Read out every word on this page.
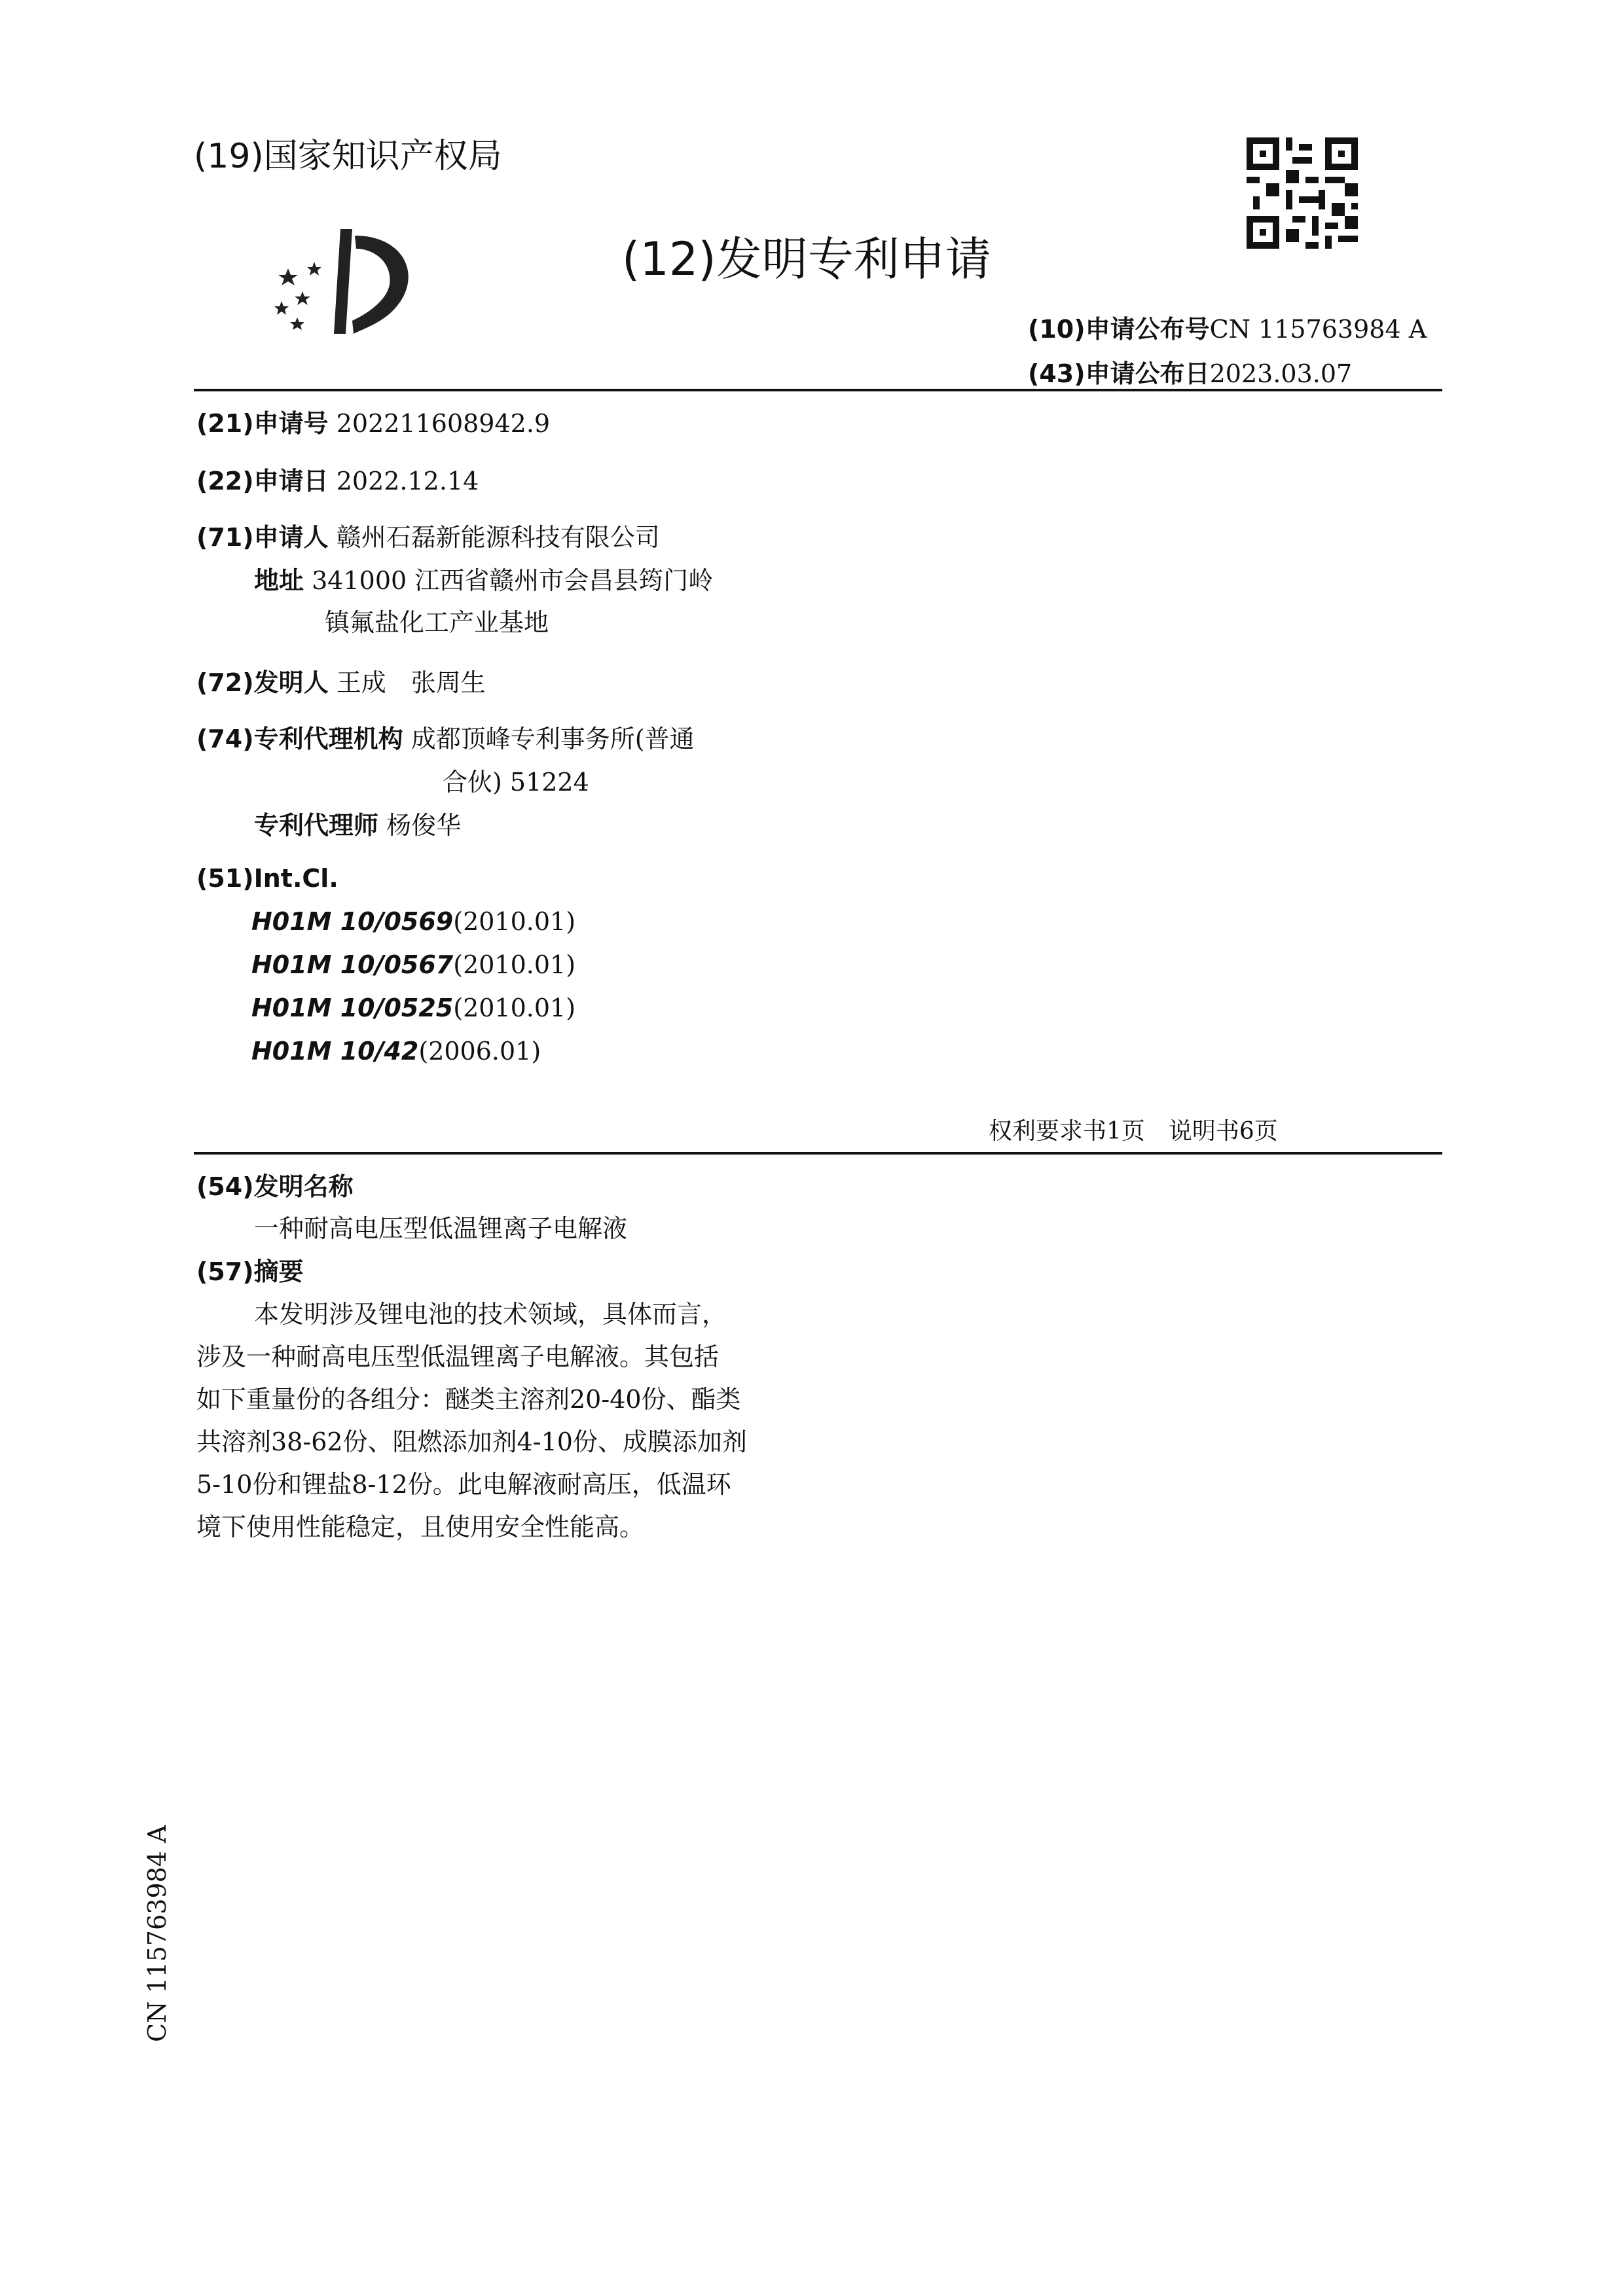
(19)国家知识产权局
(12)发明专利申请
(10)申请公布号CN 115763984 A
(43)申请公布日2023.03.07
(21)申请号 202211608942.9
(22)申请日 2022.12.14
(71)申请人 赣州石磊新能源科技有限公司
地址 341000 江西省赣州市会昌县筠门岭
镇氟盐化工产业基地
(72)发明人 王成　张周生
(74)专利代理机构 成都顶峰专利事务所(普通
合伙) 51224
专利代理师 杨俊华
(51)Int.Cl.
H01M 10/0569(2010.01)
H01M 10/0567(2010.01)
H01M 10/0525(2010.01)
H01M 10/42(2006.01)
权利要求书1页　说明书6页
(54)发明名称
一种耐高电压型低温锂离子电解液
(57)摘要
本发明涉及锂电池的技术领域，具体而言，
涉及一种耐高电压型低温锂离子电解液。其包括
如下重量份的各组分：醚类主溶剂20-40份、酯类
共溶剂38-62份、阻燃添加剂4-10份、成膜添加剂
5-10份和锂盐8-12份。此电解液耐高压，低温环
境下使用性能稳定，且使用安全性能高。
CN 115763984 A
